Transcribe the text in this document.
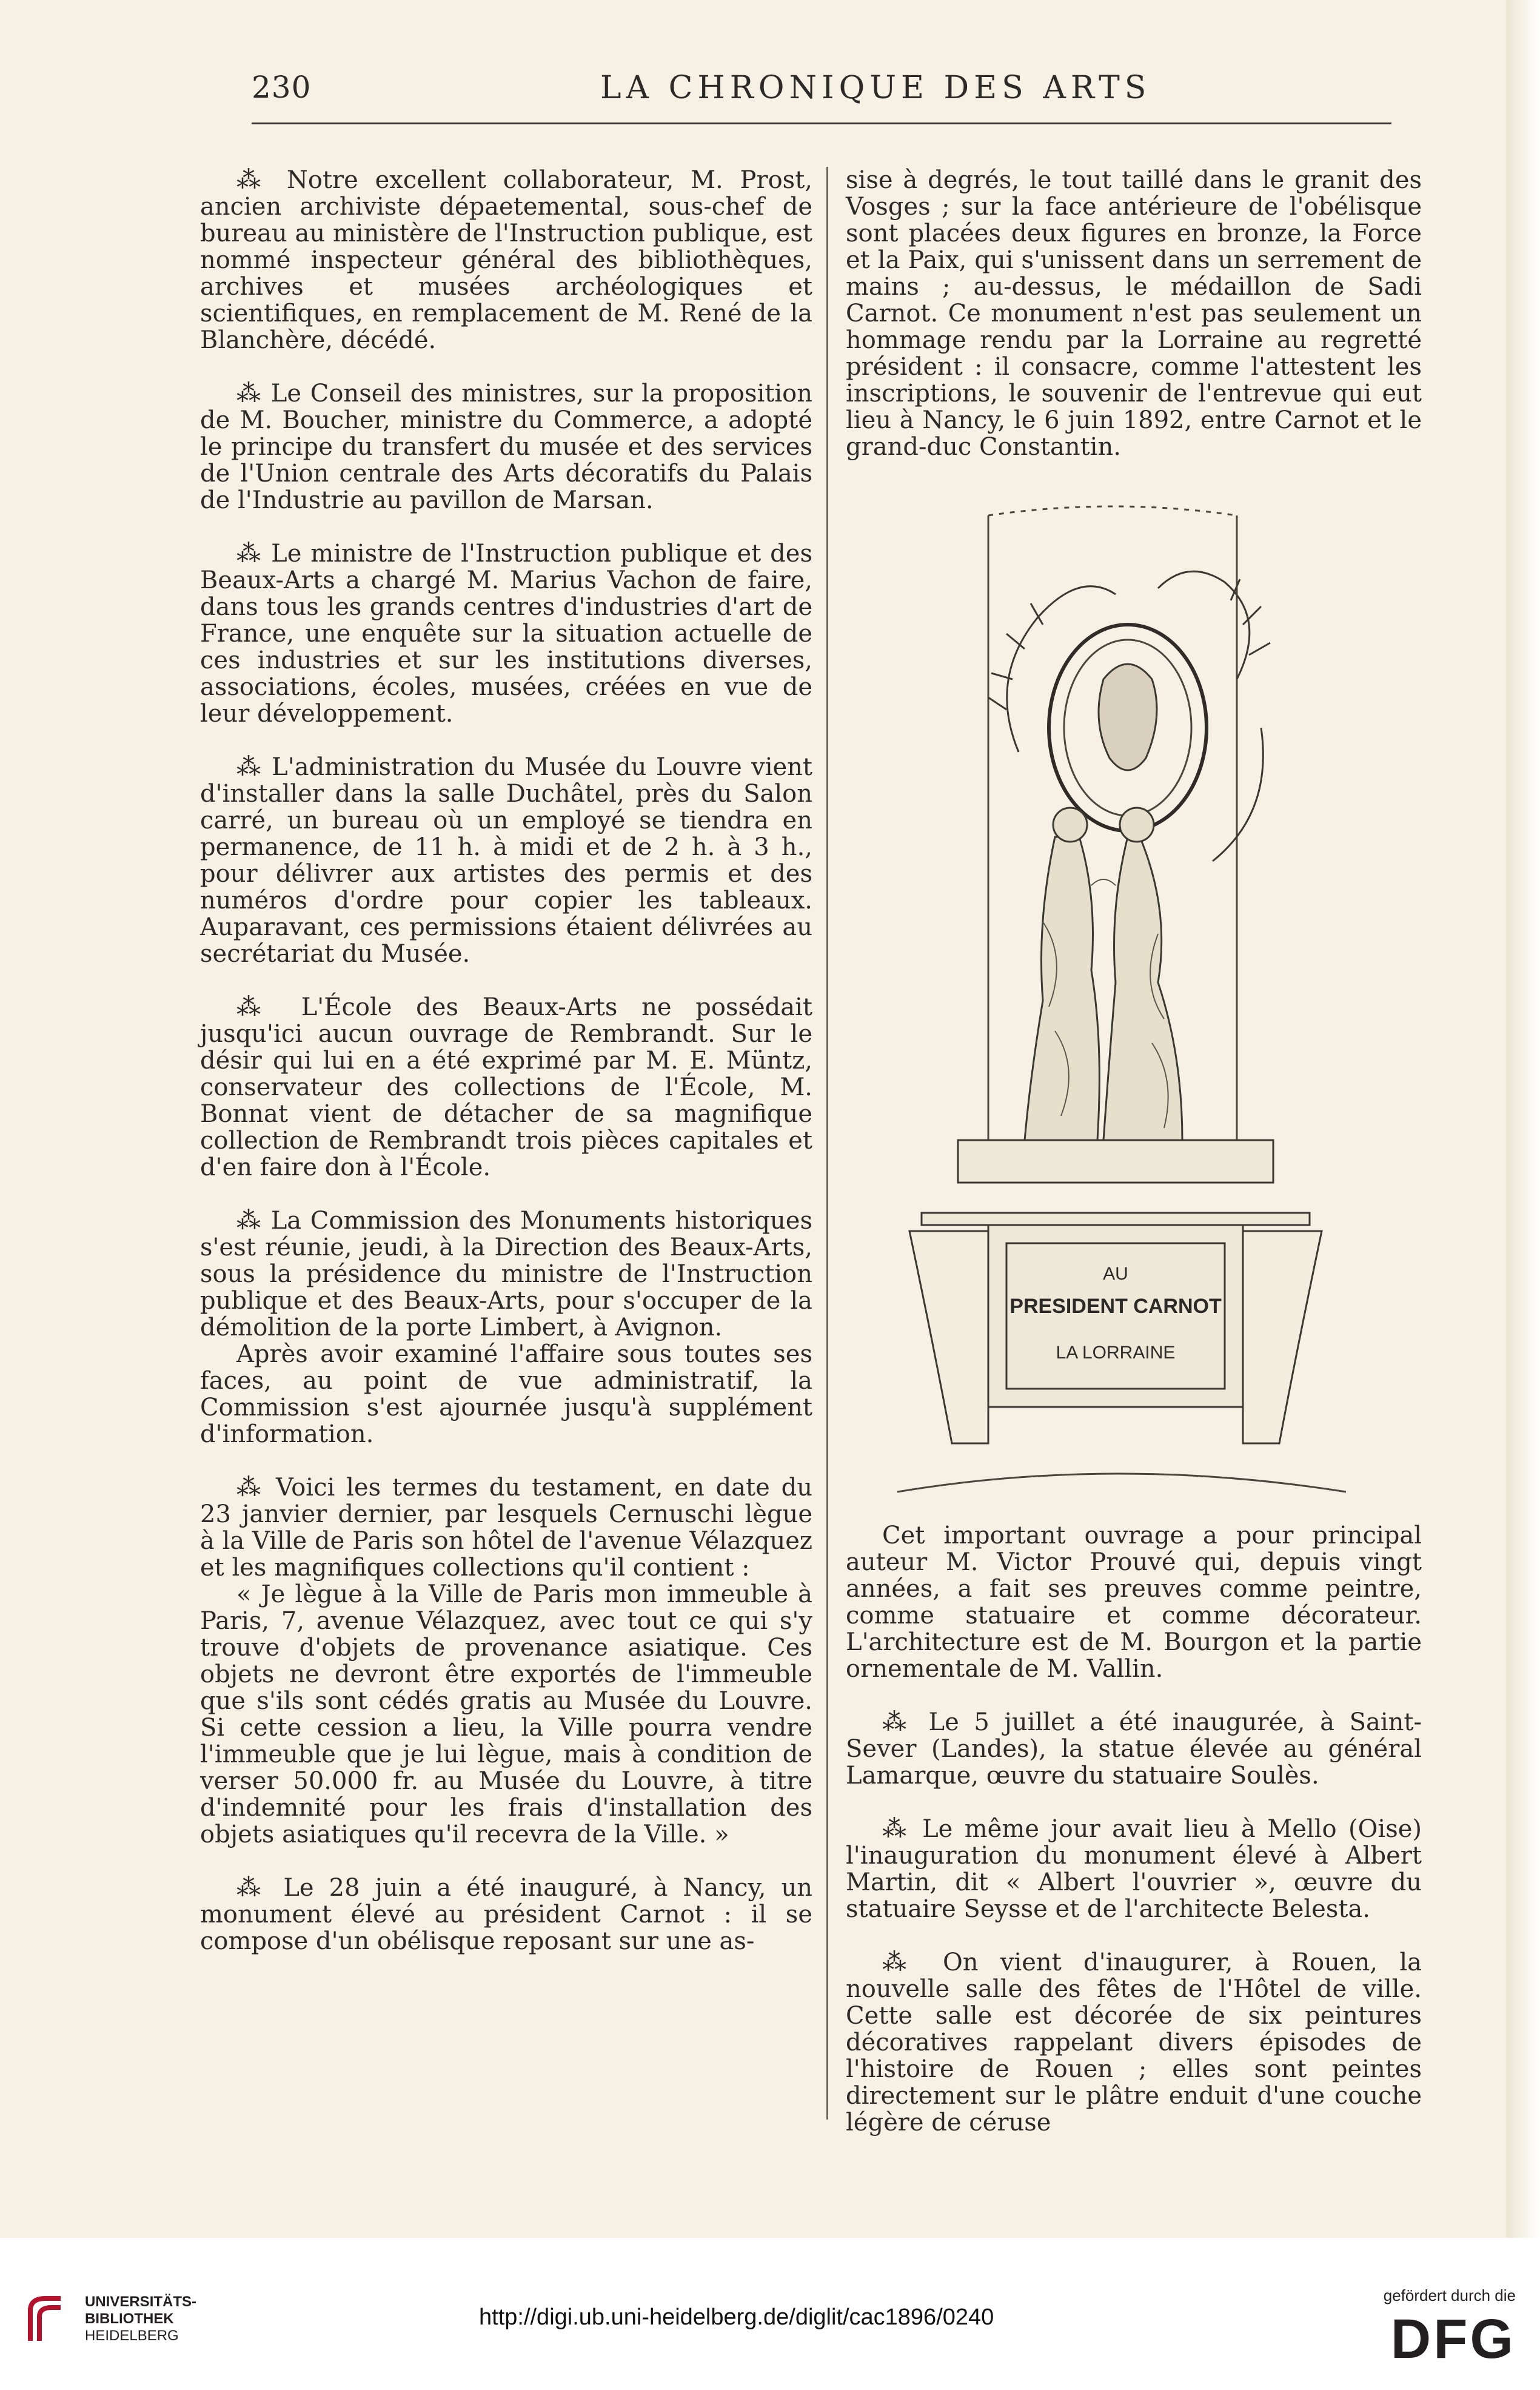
230	LA CHRONIQUE DES ARTS

⁂ Notre excellent collaborateur, M. Prost, ancien archiviste dépaetemental, sous-chef de bureau au ministère de l'Instruction publique, est nommé inspecteur général des bibliothèques, archives et musées archéologiques et scientifiques, en remplacement de M. René de la Blanchère, décédé.

⁂ Le Conseil des ministres, sur la proposition de M. Boucher, ministre du Commerce, a adopté le principe du transfert du musée et des services de l'Union centrale des Arts décoratifs du Palais de l'Industrie au pavillon de Marsan.

⁂ Le ministre de l'Instruction publique et des Beaux-Arts a chargé M. Marius Vachon de faire, dans tous les grands centres d'industries d'art de France, une enquête sur la situation actuelle de ces industries et sur les institutions diverses, associations, écoles, musées, créées en vue de leur développement.

⁂ L'administration du Musée du Louvre vient d'installer dans la salle Duchâtel, près du Salon carré, un bureau où un employé se tiendra en permanence, de 11 h. à midi et de 2 h. à 3 h., pour délivrer aux artistes des permis et des numéros d'ordre pour copier les tableaux. Auparavant, ces permissions étaient délivrées au secrétariat du Musée.

⁂ L'École des Beaux-Arts ne possédait jusqu'ici aucun ouvrage de Rembrandt. Sur le désir qui lui en a été exprimé par M. E. Müntz, conservateur des collections de l'École, M. Bonnat vient de détacher de sa magnifique collection de Rembrandt trois pièces capitales et d'en faire don à l'École.

⁂ La Commission des Monuments historiques s'est réunie, jeudi, à la Direction des Beaux-Arts, sous la présidence du ministre de l'Instruction publique et des Beaux-Arts, pour s'occuper de la démolition de la porte Limbert, à Avignon.

Après avoir examiné l'affaire sous toutes ses faces, au point de vue administratif, la Commission s'est ajournée jusqu'à supplément d'information.

⁂ Voici les termes du testament, en date du 23 janvier dernier, par lesquels Cernuschi lègue à la Ville de Paris son hôtel de l'avenue Vélazquez et les magnifiques collections qu'il contient :

« Je lègue à la Ville de Paris mon immeuble à Paris, 7, avenue Vélazquez, avec tout ce qui s'y trouve d'objets de provenance asiatique. Ces objets ne devront être exportés de l'immeuble que s'ils sont cédés gratis au Musée du Louvre. Si cette cession a lieu, la Ville pourra vendre l'immeuble que je lui lègue, mais à condition de verser 50.000 fr. au Musée du Louvre, à titre d'indemnité pour les frais d'installation des objets asiatiques qu'il recevra de la Ville. »

⁂ Le 28 juin a été inauguré, à Nancy, un monument élevé au président Carnot : il se compose d'un obélisque reposant sur une as-

sise à degrés, le tout taillé dans le granit des Vosges ; sur la face antérieure de l'obélisque sont placées deux figures en bronze, la Force et la Paix, qui s'unissent dans un serrement de mains ; au-dessus, le médaillon de Sadi Carnot. Ce monument n'est pas seulement un hommage rendu par la Lorraine au regretté président : il consacre, comme l'attestent les inscriptions, le souvenir de l'entrevue qui eut lieu à Nancy, le 6 juin 1892, entre Carnot et le grand-duc Constantin.

AU
PRESIDENT CARNOT
LA LORRAINE

Cet important ouvrage a pour principal auteur M. Victor Prouvé qui, depuis vingt années, a fait ses preuves comme peintre, comme statuaire et comme décorateur. L'architecture est de M. Bourgon et la partie ornementale de M. Vallin.

⁂ Le 5 juillet a été inaugurée, à Saint-Sever (Landes), la statue élevée au général Lamarque, œuvre du statuaire Soulès.

⁂ Le même jour avait lieu à Mello (Oise) l'inauguration du monument élevé à Albert Martin, dit « Albert l'ouvrier », œuvre du statuaire Seysse et de l'architecte Belesta.

⁂ On vient d'inaugurer, à Rouen, la nouvelle salle des fêtes de l'Hôtel de ville. Cette salle est décorée de six peintures décoratives rappelant divers épisodes de l'histoire de Rouen ; elles sont peintes directement sur le plâtre enduit d'une couche légère de céruse

UNIVERSITÄTS-
BIBLIOTHEK
HEIDELBERG
http://digi.ub.uni-heidelberg.de/diglit/cac1896/0240
gefördert durch die
DFG
